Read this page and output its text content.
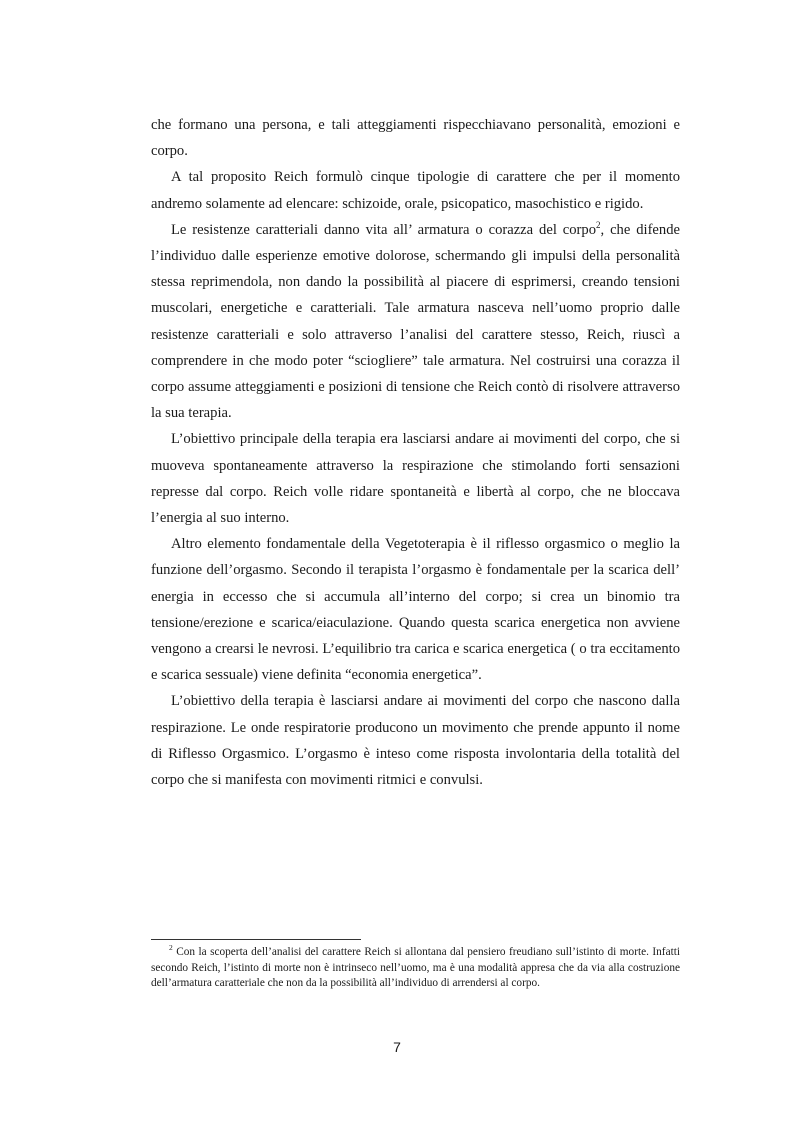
che formano una persona, e tali atteggiamenti rispecchiavano personalità, emozioni e corpo.

A tal proposito Reich formulò cinque tipologie di carattere che per il momento andremo solamente ad elencare: schizoide, orale, psicopatico, masochistico e rigido.

Le resistenze caratteriali danno vita all’ armatura o corazza del corpo$^2$, che difende l’individuo dalle esperienze emotive dolorose, schermando gli impulsi della personalità stessa reprimendola, non dando la possibilità al piacere di esprimersi, creando tensioni muscolari, energetiche e caratteriali. Tale armatura nasceva nell’uomo proprio dalle resistenze caratteriali e solo attraverso l’analisi del carattere stesso, Reich, riuscì a comprendere in che modo poter “sciogliere” tale armatura. Nel costruirsi una corazza il corpo assume atteggiamenti e posizioni di tensione che Reich contò di risolvere attraverso la sua terapia.

L’obiettivo principale della terapia era lasciarsi andare ai movimenti del corpo, che si muoveva spontaneamente attraverso la respirazione che stimolando forti sensazioni represse dal corpo. Reich volle ridare spontaneità e libertà al corpo, che ne bloccava l’energia al suo interno.

Altro elemento fondamentale della Vegetoterapia è il riflesso orgasmico o meglio la funzione dell’orgasmo. Secondo il terapista l’orgasmo è fondamentale per la scarica dell’ energia in eccesso che si accumula all’interno del corpo; si crea un binomio tra tensione/erezione e scarica/eiaculazione. Quando questa scarica energetica non avviene vengono a crearsi le nevrosi. L’equilibrio tra carica e scarica energetica ( o tra eccitamento e scarica sessuale) viene definita “economia energetica”.

L’obiettivo della terapia è lasciarsi andare ai movimenti del corpo che nascono dalla respirazione. Le onde respiratorie producono un movimento che prende appunto il nome di Riflesso Orgasmico. L’orgasmo è inteso come risposta involontaria della totalità del corpo che si manifesta con movimenti ritmici e convulsi.

$^2$ Con la scoperta dell’analisi del carattere Reich si allontana dal pensiero freudiano sull’istinto di morte. Infatti secondo Reich, l’istinto di morte non è intrinseco nell’uomo, ma è una modalità appresa che da via alla costruzione dell’armatura caratteriale che non da la possibilità all’individuo di arrendersi al corpo.

7
